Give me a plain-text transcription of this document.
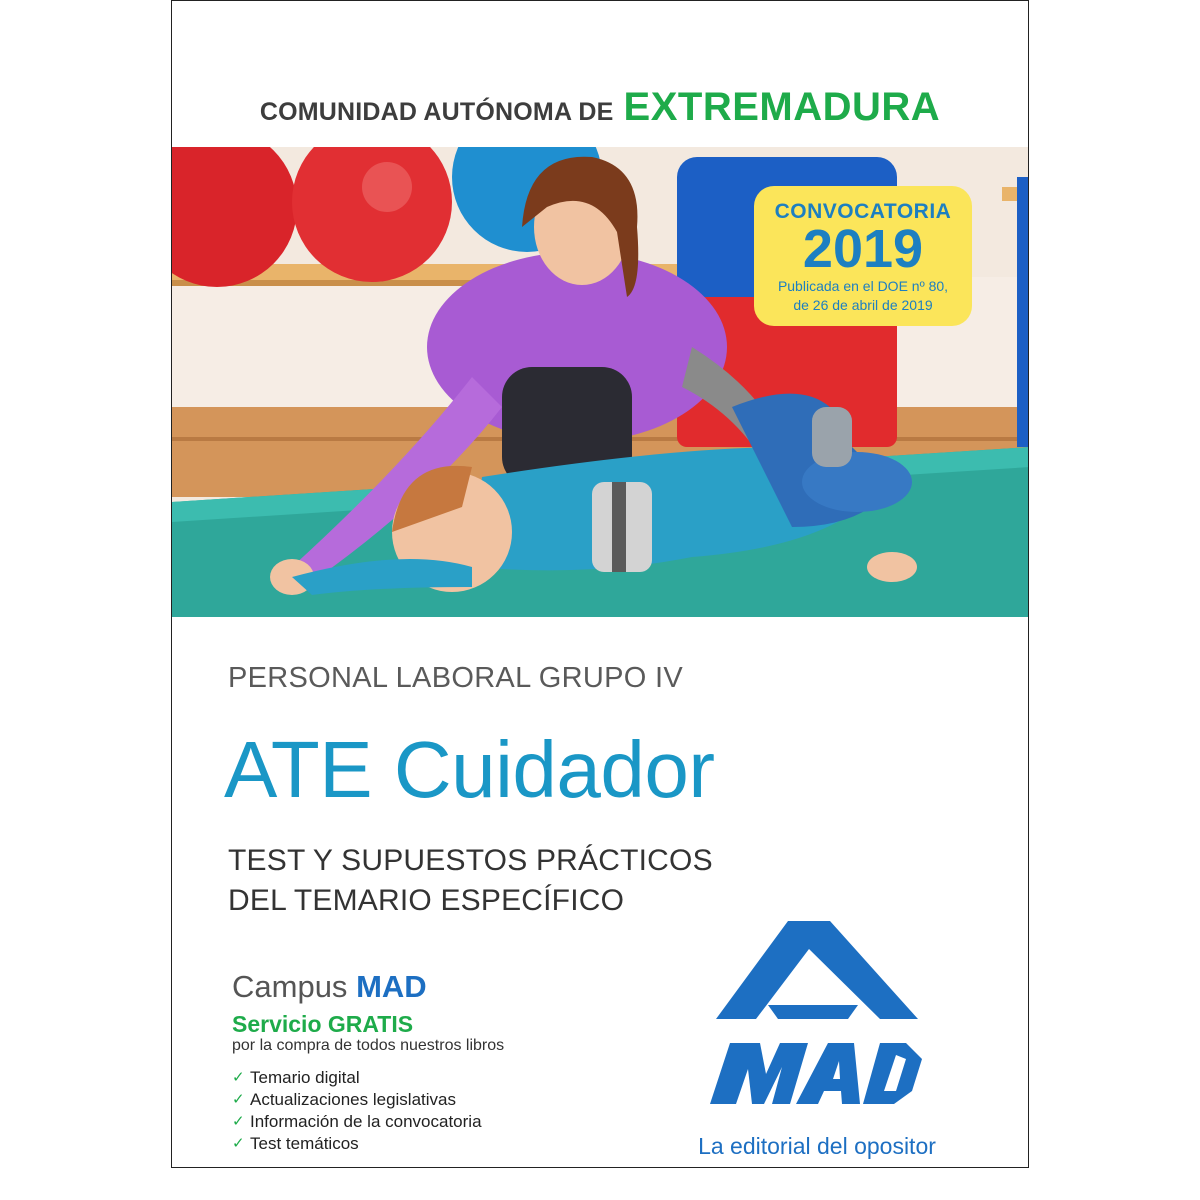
COMUNIDAD AUTÓNOMA DE EXTREMADURA
CONVOCATORIA
2019
Publicada en el DOE nº 80,
de 26 de abril de 2019
PERSONAL LABORAL GRUPO IV
ATE Cuidador
TEST Y SUPUESTOS PRÁCTICOS
DEL TEMARIO ESPECÍFICO
Campus MAD
Servicio GRATIS
por la compra de todos nuestros libros
✓ Temario digital
✓ Actualizaciones legislativas
✓ Información de la convocatoria
✓ Test temáticos	La editorial del opositor
